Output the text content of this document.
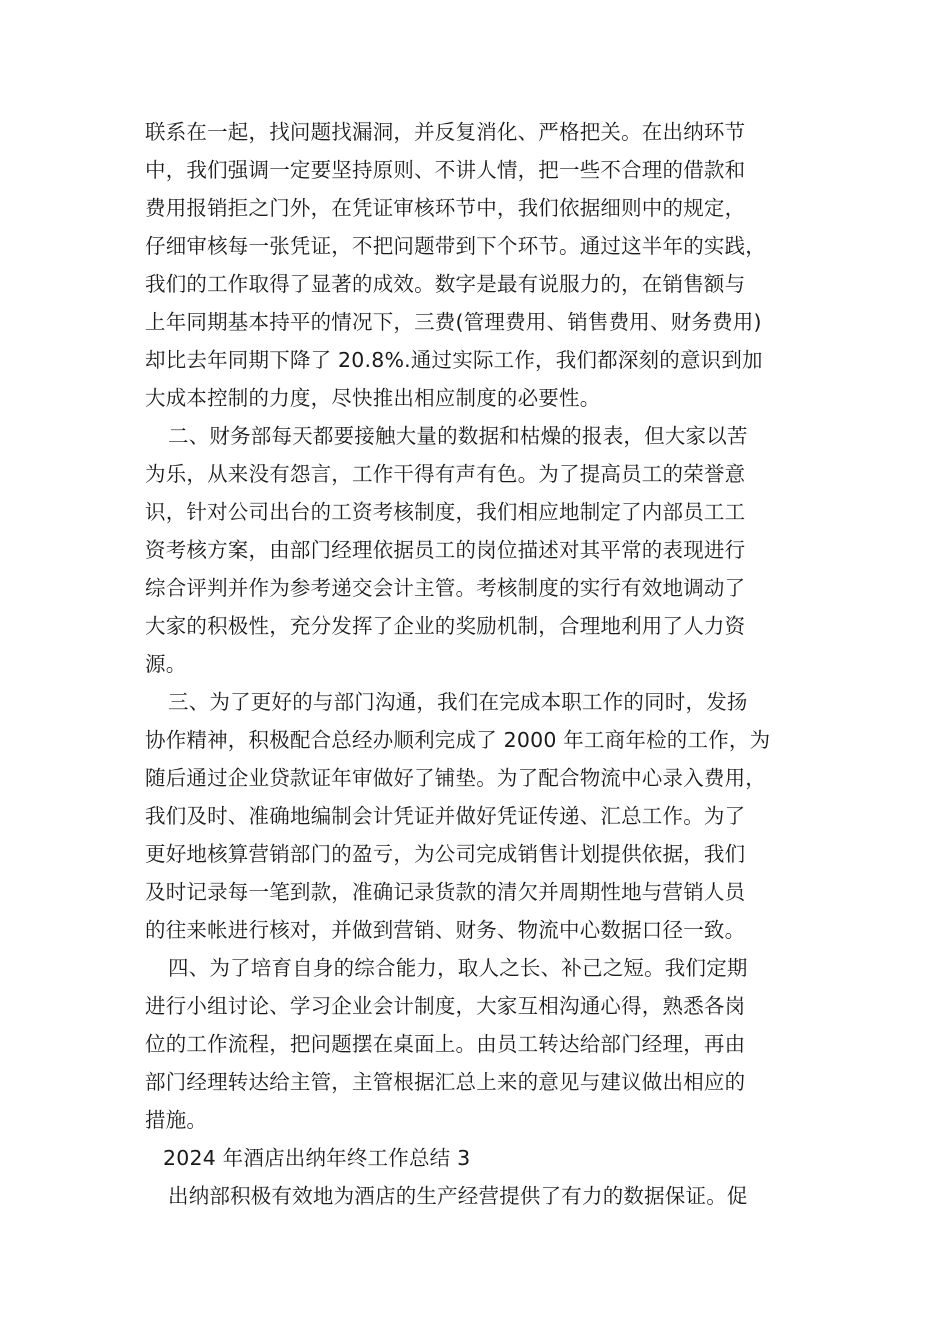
联系在一起，找问题找漏洞，并反复消化、严格把关。在出纳环节
中，我们强调一定要坚持原则、不讲人情，把一些不合理的借款和
费用报销拒之门外，在凭证审核环节中，我们依据细则中的规定，
仔细审核每一张凭证，不把问题带到下个环节。通过这半年的实践，
我们的工作取得了显著的成效。数字是最有说服力的，在销售额与
上年同期基本持平的情况下，三费(管理费用、销售费用、财务费用)
却比去年同期下降了 20.8%.通过实际工作，我们都深刻的意识到加
大成本控制的力度，尽快推出相应制度的必要性。
二、财务部每天都要接触大量的数据和枯燥的报表，但大家以苦
为乐，从来没有怨言，工作干得有声有色。为了提高员工的荣誉意
识，针对公司出台的工资考核制度，我们相应地制定了内部员工工
资考核方案，由部门经理依据员工的岗位描述对其平常的表现进行
综合评判并作为参考递交会计主管。考核制度的实行有效地调动了
大家的积极性，充分发挥了企业的奖励机制，合理地利用了人力资
源。
三、为了更好的与部门沟通，我们在完成本职工作的同时，发扬
协作精神，积极配合总经办顺利完成了 2000 年工商年检的工作，为
随后通过企业贷款证年审做好了铺垫。为了配合物流中心录入费用，
我们及时、准确地编制会计凭证并做好凭证传递、汇总工作。为了
更好地核算营销部门的盈亏，为公司完成销售计划提供依据，我们
及时记录每一笔到款，准确记录货款的清欠并周期性地与营销人员
的往来帐进行核对，并做到营销、财务、物流中心数据口径一致。
四、为了培育自身的综合能力，取人之长、补己之短。我们定期
进行小组讨论、学习企业会计制度，大家互相沟通心得，熟悉各岗
位的工作流程，把问题摆在桌面上。由员工转达给部门经理，再由
部门经理转达给主管，主管根据汇总上来的意见与建议做出相应的
措施。
2024 年酒店出纳年终工作总结 3
出纳部积极有效地为酒店的生产经营提供了有力的数据保证。促
